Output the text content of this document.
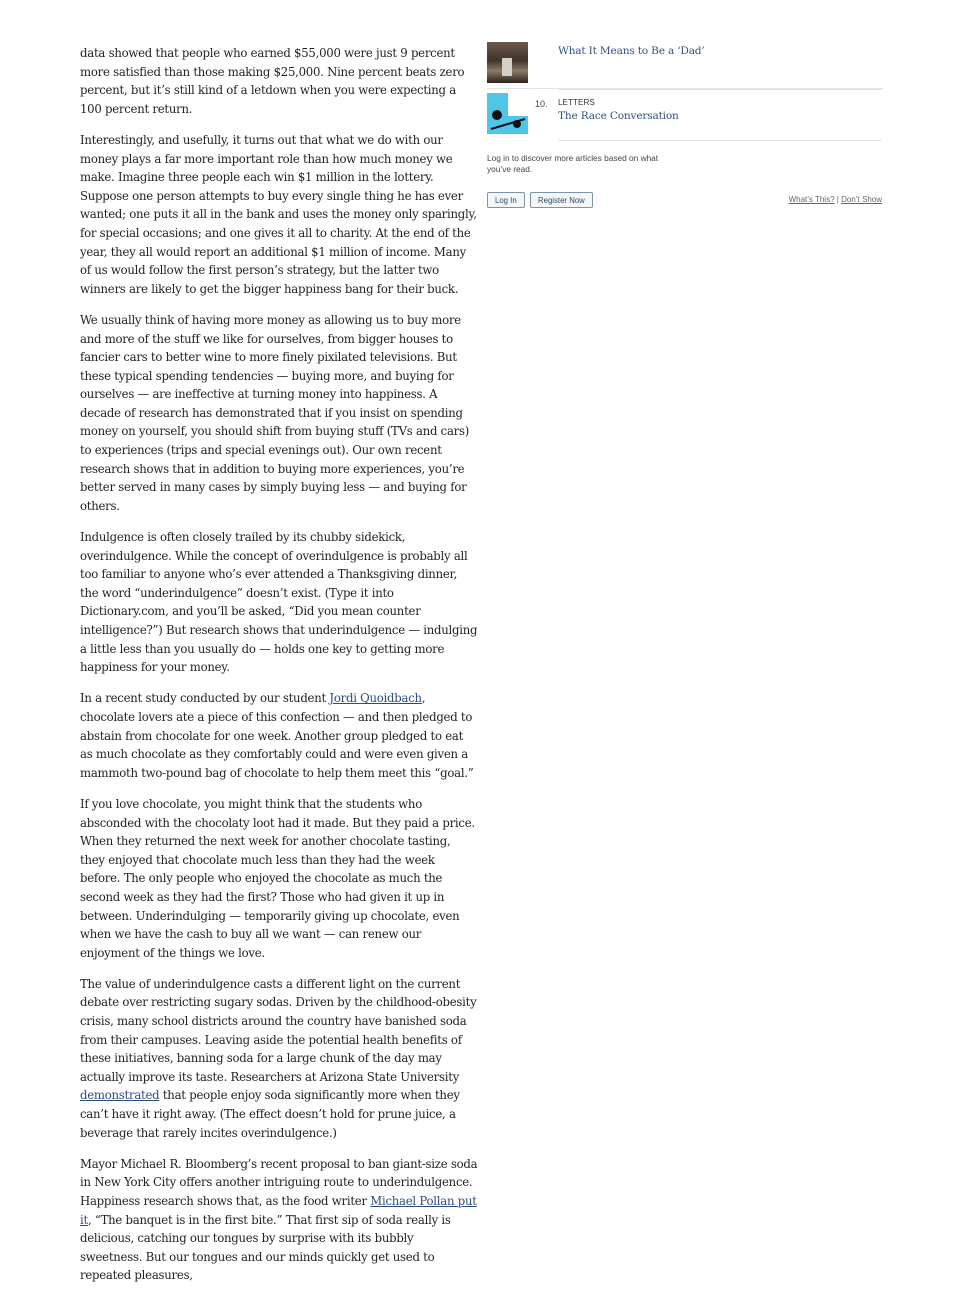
data showed that people who earned $55,000 were just 9 percent more satisfied than those making $25,000. Nine percent beats zero percent, but it’s still kind of a letdown when you were expecting a 100 percent return.

Interestingly, and usefully, it turns out that what we do with our money plays a far more important role than how much money we make. Imagine three people each win $1 million in the lottery. Suppose one person attempts to buy every single thing he has ever wanted; one puts it all in the bank and uses the money only sparingly, for special occasions; and one gives it all to charity. At the end of the year, they all would report an additional $1 million of income. Many of us would follow the first person’s strategy, but the latter two winners are likely to get the bigger happiness bang for their buck.

We usually think of having more money as allowing us to buy more and more of the stuff we like for ourselves, from bigger houses to fancier cars to better wine to more finely pixilated televisions. But these typical spending tendencies — buying more, and buying for ourselves — are ineffective at turning money into happiness. A decade of research has demonstrated that if you insist on spending money on yourself, you should shift from buying stuff (TVs and cars) to experiences (trips and special evenings out). Our own recent research shows that in addition to buying more experiences, you’re better served in many cases by simply buying less — and buying for others.

Indulgence is often closely trailed by its chubby sidekick, overindulgence. While the concept of overindulgence is probably all too familiar to anyone who’s ever attended a Thanksgiving dinner, the word “underindulgence” doesn’t exist. (Type it into Dictionary.com, and you’ll be asked, “Did you mean counter intelligence?”) But research shows that underindulgence — indulging a little less than you usually do — holds one key to getting more happiness for your money.

In a recent study conducted by our student Jordi Quoidbach, chocolate lovers ate a piece of this confection — and then pledged to abstain from chocolate for one week. Another group pledged to eat as much chocolate as they comfortably could and were even given a mammoth two-pound bag of chocolate to help them meet this “goal.”

If you love chocolate, you might think that the students who absconded with the chocolaty loot had it made. But they paid a price. When they returned the next week for another chocolate tasting, they enjoyed that chocolate much less than they had the week before. The only people who enjoyed the chocolate as much the second week as they had the first? Those who had given it up in between. Underindulging — temporarily giving up chocolate, even when we have the cash to buy all we want — can renew our enjoyment of the things we love.

The value of underindulgence casts a different light on the current debate over restricting sugary sodas. Driven by the childhood-obesity crisis, many school districts around the country have banished soda from their campuses. Leaving aside the potential health benefits of these initiatives, banning soda for a large chunk of the day may actually improve its taste. Researchers at Arizona State University demonstrated that people enjoy soda significantly more when they can’t have it right away. (The effect doesn’t hold for prune juice, a beverage that rarely incites overindulgence.)

Mayor Michael R. Bloomberg’s recent proposal to ban giant-size soda in New York City offers another intriguing route to underindulgence. Happiness research shows that, as the food writer Michael Pollan put it, “The banquet is in the first bite.” That first sip of soda really is delicious, catching our tongues by surprise with its bubbly sweetness. But our tongues and our minds quickly get used to repeated pleasures,

What It Means to Be a ‘Dad’
10. LETTERS
The Race Conversation
Log in to discover more articles based on what you’ve read.
Log In	Register Now	What’s This? | Don’t Show
